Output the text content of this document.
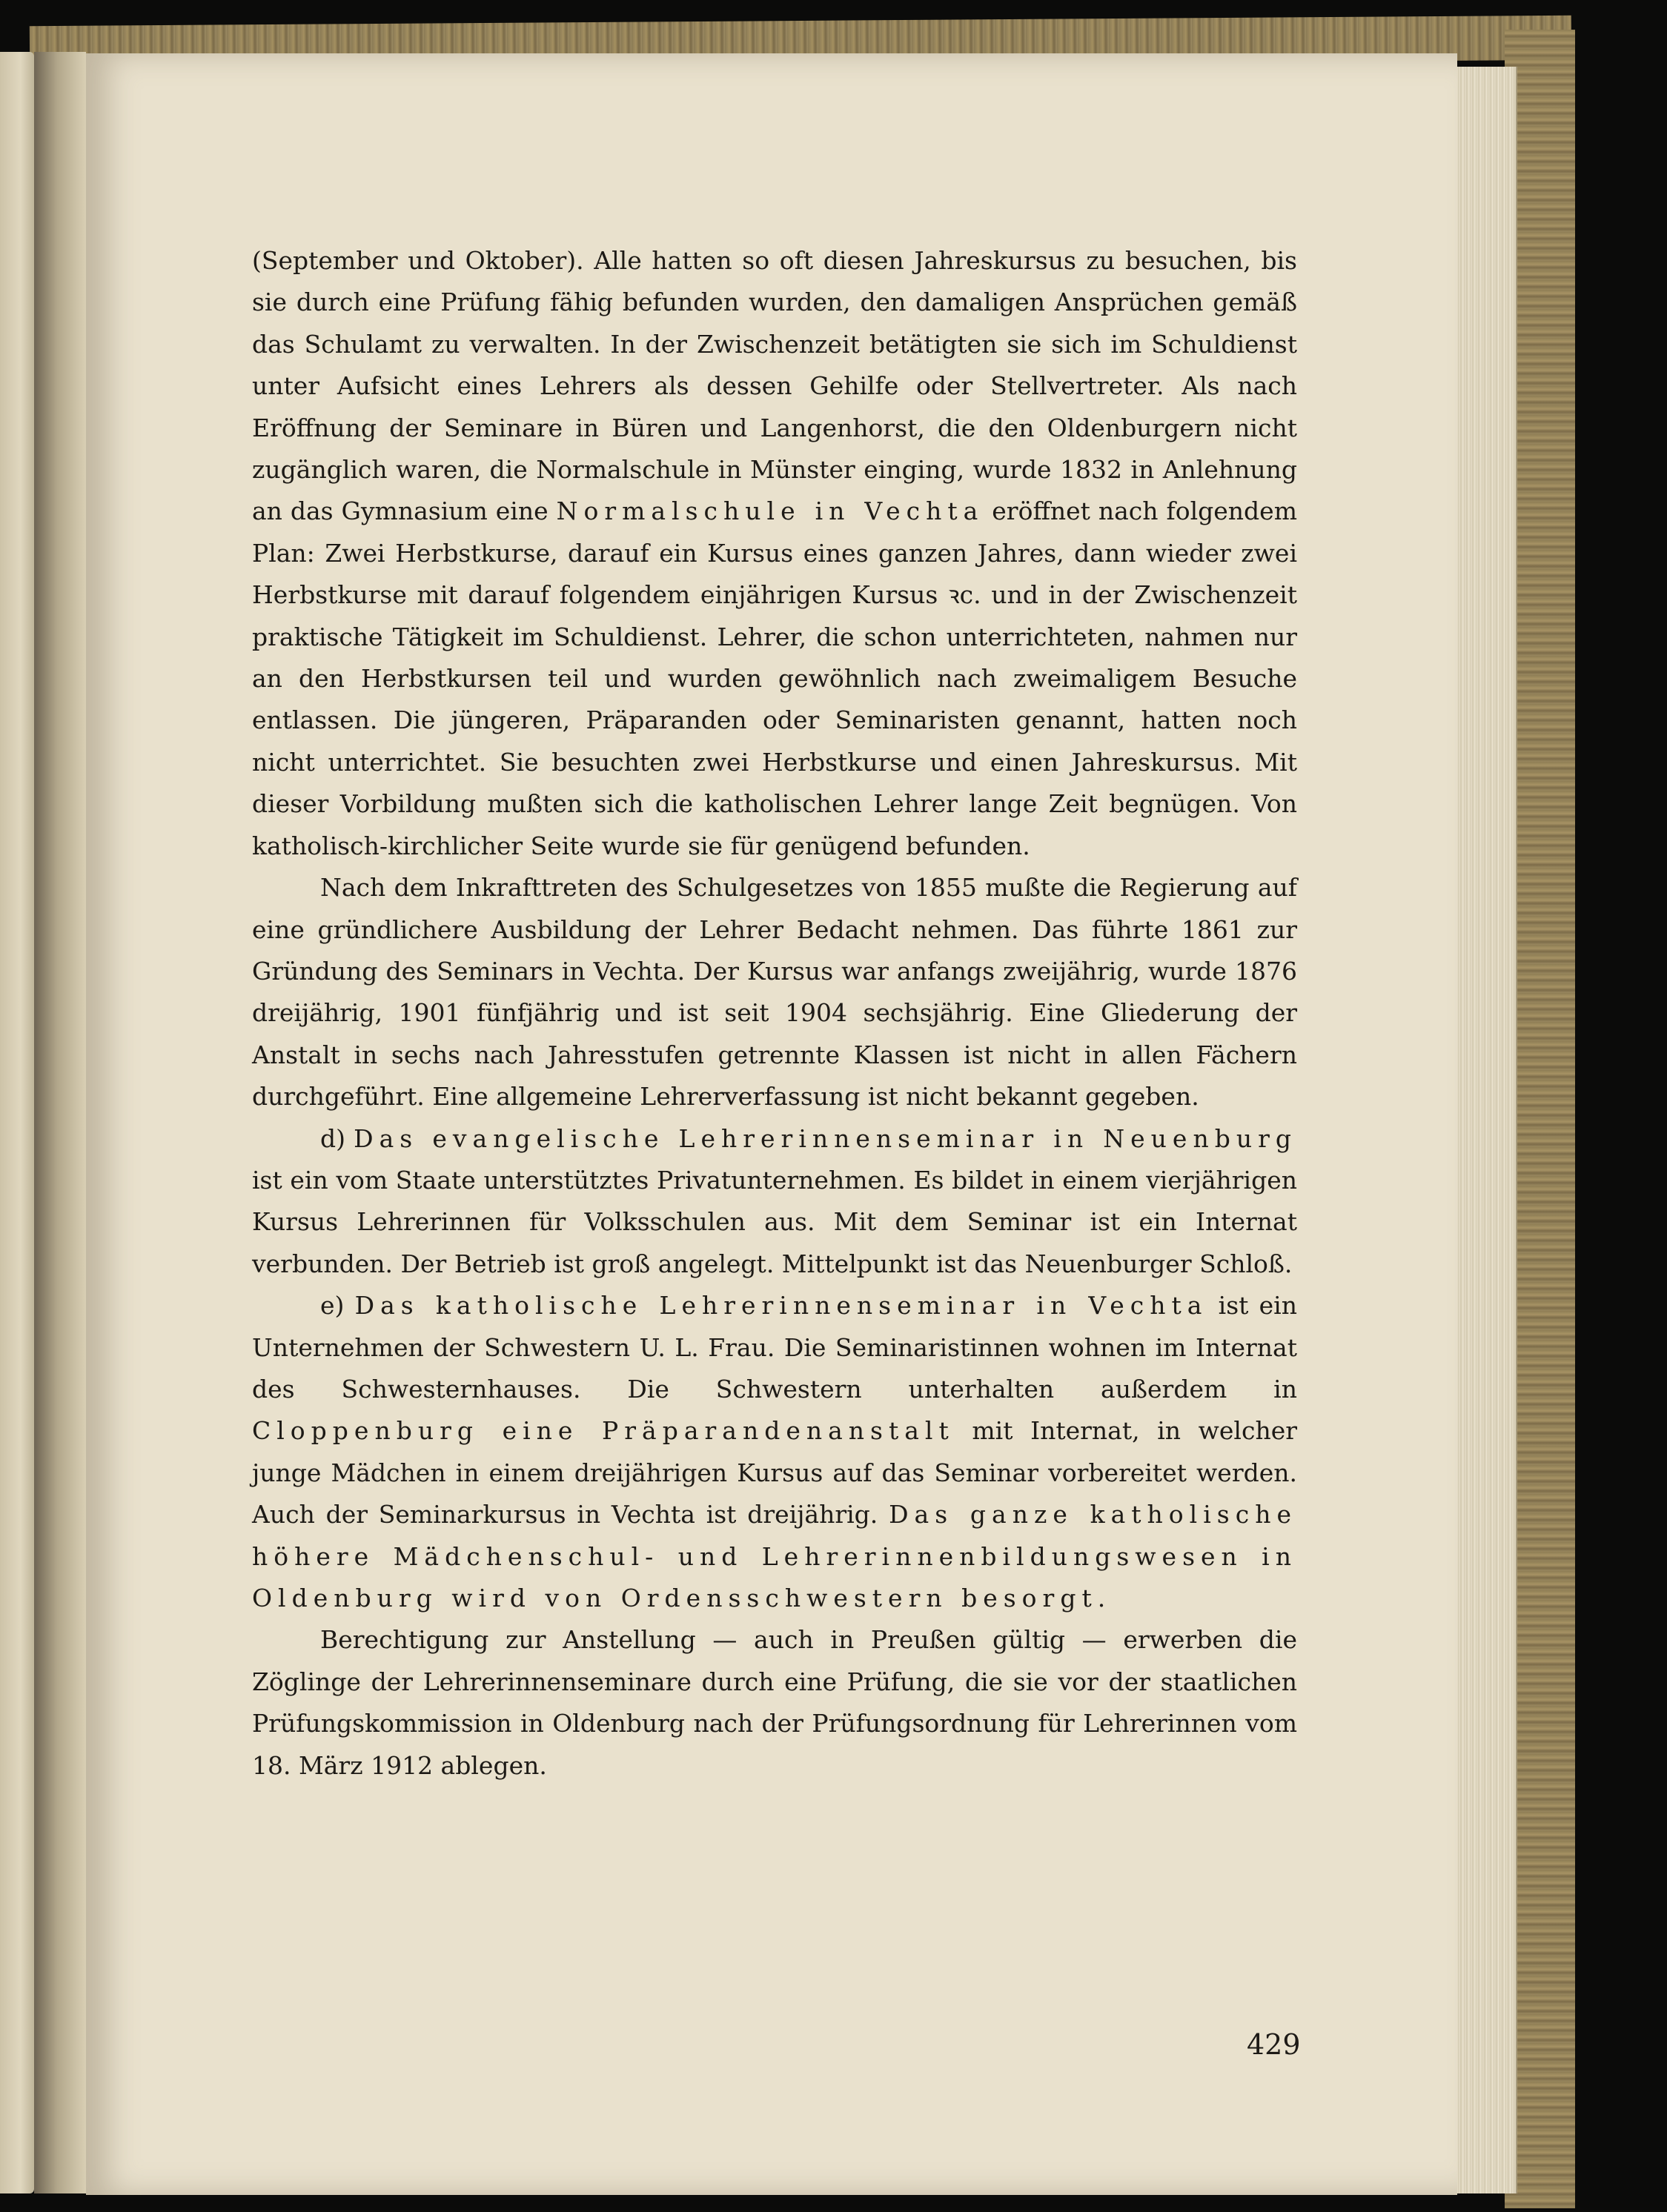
(September und Oktober). Alle hatten so oft diesen Jahreskursus zu besuchen, bis sie durch eine Prüfung fähig befunden wurden, den damaligen Ansprüchen gemäß das Schulamt zu verwalten. In der Zwischenzeit betätigten sie sich im Schuldienst unter Aufsicht eines Lehrers als dessen Gehilfe oder Stellvertreter. Als nach Eröffnung der Seminare in Büren und Langenhorst, die den Oldenburgern nicht zugänglich waren, die Normalschule in Münster einging, wurde 1832 in Anlehnung an das Gymnasium eine Normalschule in Vechta eröffnet nach folgendem Plan: Zwei Herbstkurse, darauf ein Kursus eines ganzen Jahres, dann wieder zwei Herbstkurse mit darauf folgendem einjährigen Kursus ꝛc. und in der Zwischenzeit praktische Tätigkeit im Schuldienst. Lehrer, die schon unterrichteten, nahmen nur an den Herbstkursen teil und wurden gewöhnlich nach zweimaligem Besuche entlassen. Die jüngeren, Präparanden oder Seminaristen genannt, hatten noch nicht unterrichtet. Sie besuchten zwei Herbstkurse und einen Jahreskursus. Mit dieser Vorbildung mußten sich die katholischen Lehrer lange Zeit begnügen. Von katholisch-kirchlicher Seite wurde sie für genügend befunden.

Nach dem Inkrafttreten des Schulgesetzes von 1855 mußte die Regierung auf eine gründlichere Ausbildung der Lehrer Bedacht nehmen. Das führte 1861 zur Gründung des Seminars in Vechta. Der Kursus war anfangs zweijährig, wurde 1876 dreijährig, 1901 fünfjährig und ist seit 1904 sechsjährig. Eine Gliederung der Anstalt in sechs nach Jahresstufen getrennte Klassen ist nicht in allen Fächern durchgeführt. Eine allgemeine Lehrerverfassung ist nicht bekannt gegeben.

d) Das evangelische Lehrerinnenseminar in Neuenburg ist ein vom Staate unterstütztes Privatunternehmen. Es bildet in einem vierjährigen Kursus Lehrerinnen für Volksschulen aus. Mit dem Seminar ist ein Internat verbunden. Der Betrieb ist groß angelegt. Mittelpunkt ist das Neuenburger Schloß.

e) Das katholische Lehrerinnenseminar in Vechta ist ein Unternehmen der Schwestern U. L. Frau. Die Seminaristinnen wohnen im Internat des Schwesternhauses. Die Schwestern unterhalten außerdem in Cloppenburg eine Präparandenanstalt mit Internat, in welcher junge Mädchen in einem dreijährigen Kursus auf das Seminar vorbereitet werden. Auch der Seminarkursus in Vechta ist dreijährig. Das ganze katholische höhere Mädchenschul- und Lehrerinnenbildungswesen in Oldenburg wird von Ordensschwestern besorgt.

Berechtigung zur Anstellung — auch in Preußen gültig — erwerben die Zöglinge der Lehrerinnenseminare durch eine Prüfung, die sie vor der staatlichen Prüfungskommission in Oldenburg nach der Prüfungsordnung für Lehrerinnen vom 18. März 1912 ablegen.

429
